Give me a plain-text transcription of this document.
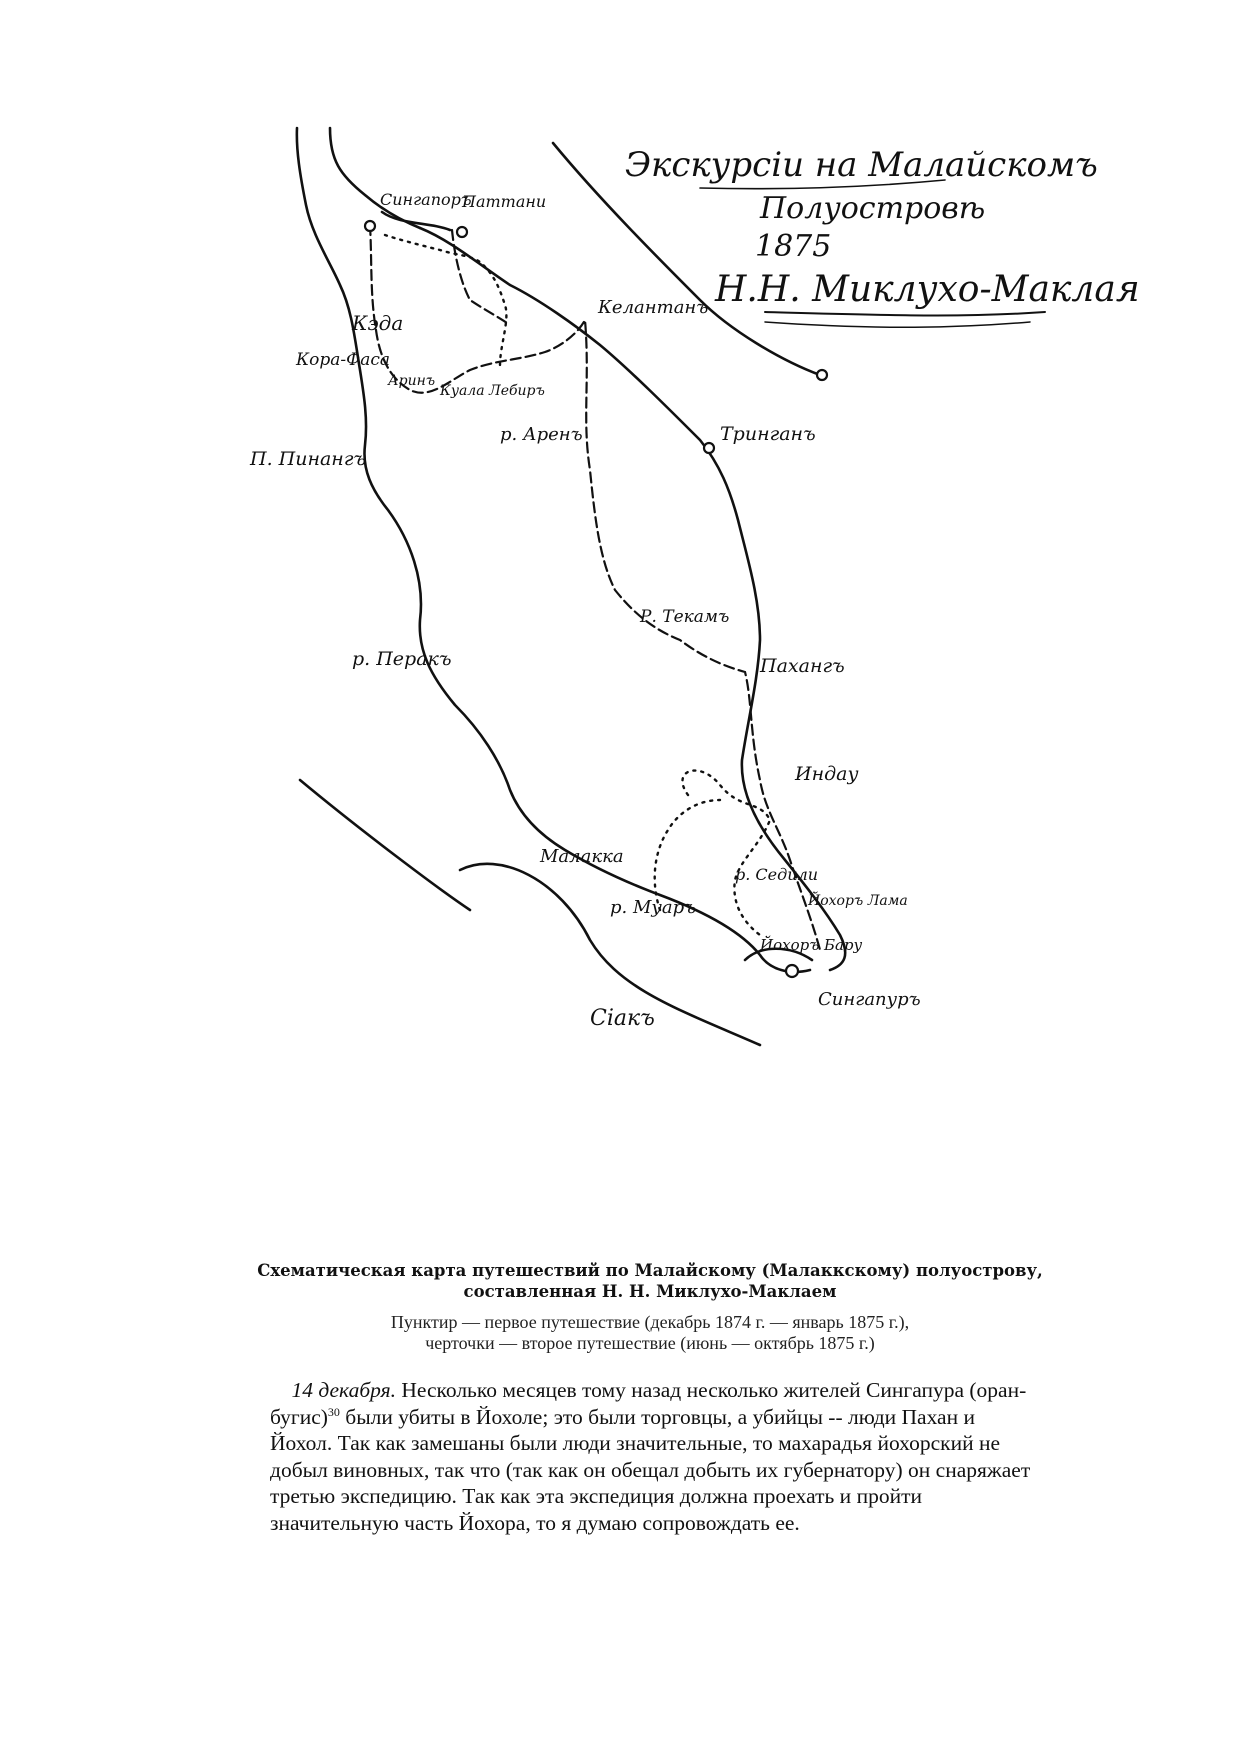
Экскурсiи на Малайскомъ
Полуостровѣ
1875
Н.Н. Миклухо-Маклая
Сингапоръ
Паттани
Кэда
Кора-Фаса
Келантанъ
Аринъ
Куала Лебиръ
р. Аренъ	Тринганъ
П. Пинангъ
Р. Текамъ
р. Перакъ	Пахангъ
Индау
Малакка
р. Муаръ
р. Седили
Йохоръ Лама
Йохоръ Бару
Сингапуръ
Сiакъ
Схематическая карта путешествий по Малайскому (Малаккскому) полуострову,
составленная Н. Н. Миклухо-Маклаем
Пунктир — первое путешествие (декабрь 1874 г. — январь 1875 г.),
черточки — второе путешествие (июнь — октябрь 1875 г.)
14 декабря. Несколько месяцев тому назад несколько жителей Сингапура (оран-
бугис)$^{30}$ были убиты в Йохоле; это были торговцы, а убийцы -- люди Пахан и
Йохол. Так как замешаны были люди значительные, то махарадья йохорский не
добыл виновных, так что (так как он обещал добыть их губернатору) он снаряжает
третью экспедицию. Так как эта экспедиция должна проехать и пройти
значительную часть Йохора, то я думаю сопровождать ее.
